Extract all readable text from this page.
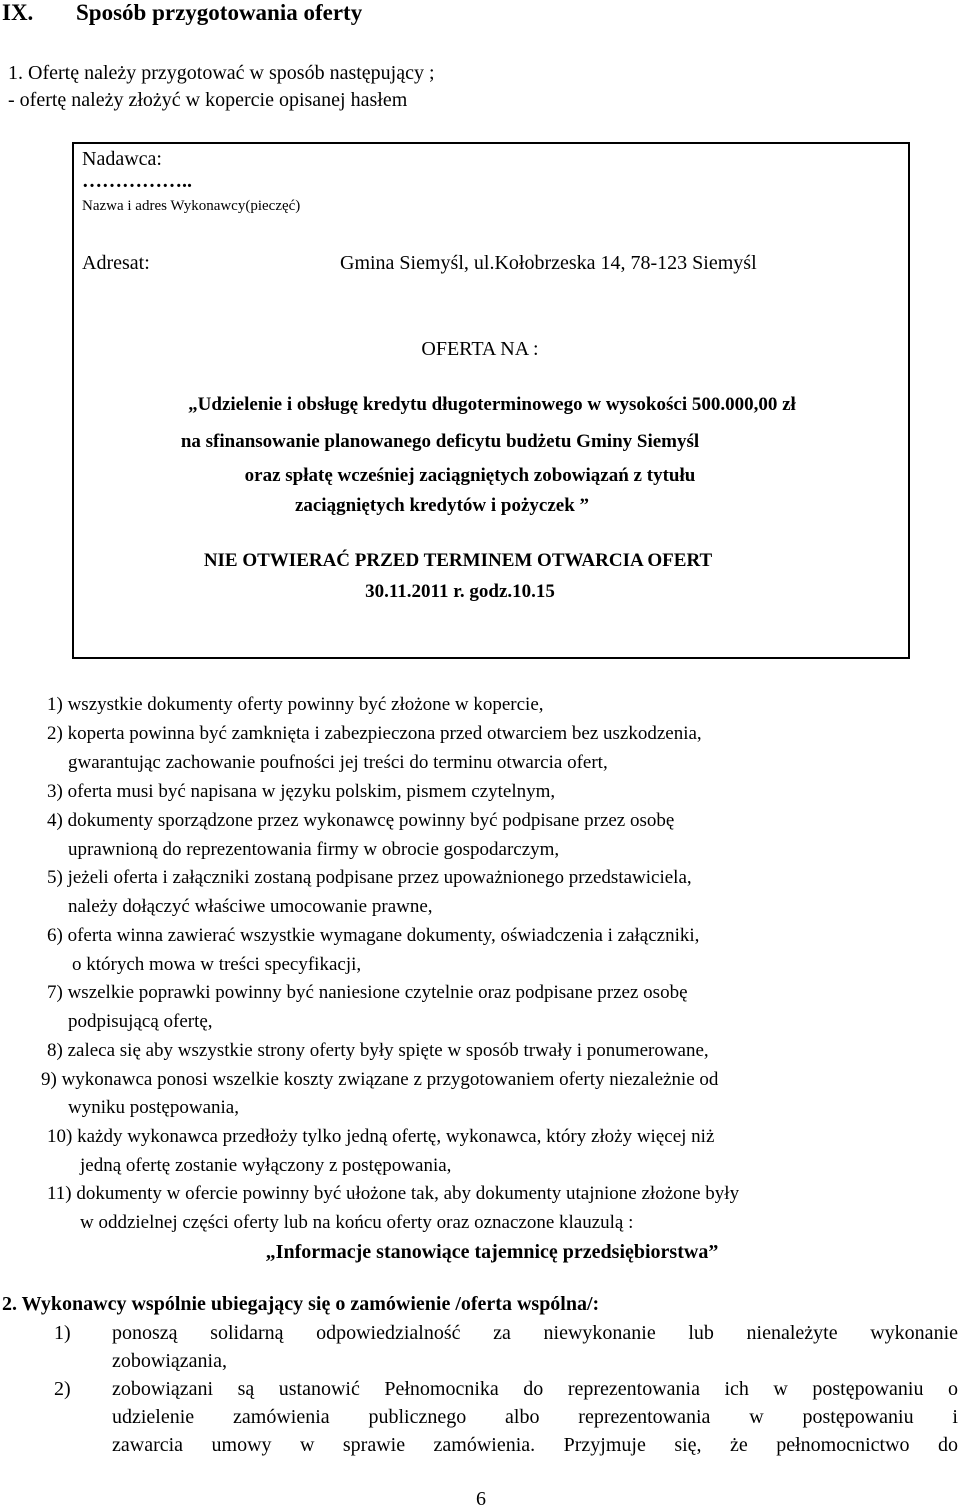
IX. Sposób przygotowania oferty
1. Ofertę należy przygotować w sposób następujący ;
- ofertę należy złożyć w kopercie opisanej hasłem
Nadawca:
……………..
Nazwa i adres Wykonawcy(pieczęć)
Adresat:	Gmina Siemyśl, ul.Kołobrzeska 14, 78-123 Siemyśl
OFERTA NA :
„Udzielenie i obsługę kredytu długoterminowego w wysokości 500.000,00 zł
na sfinansowanie planowanego deficytu budżetu Gminy Siemyśl
oraz spłatę wcześniej zaciągniętych zobowiązań z tytułu
zaciągniętych kredytów i pożyczek ”
NIE OTWIERAĆ PRZED TERMINEM OTWARCIA OFERT
30.11.2011 r. godz.10.15
1) wszystkie dokumenty oferty powinny być złożone w kopercie,
2) koperta powinna być zamknięta i zabezpieczona przed otwarciem bez uszkodzenia,
gwarantując zachowanie poufności jej treści do terminu otwarcia ofert,
3) oferta musi być napisana w języku polskim, pismem czytelnym,
4) dokumenty sporządzone przez wykonawcę powinny być podpisane przez osobę
uprawnioną do reprezentowania firmy w obrocie gospodarczym,
5) jeżeli oferta i załączniki zostaną podpisane przez upoważnionego przedstawiciela,
należy dołączyć właściwe umocowanie prawne,
6) oferta winna zawierać wszystkie wymagane dokumenty, oświadczenia i załączniki,
o których mowa w treści specyfikacji,
7) wszelkie poprawki powinny być naniesione czytelnie oraz podpisane przez osobę
podpisującą ofertę,
8) zaleca się aby wszystkie strony oferty były spięte w sposób trwały i ponumerowane,
9) wykonawca ponosi wszelkie koszty związane z przygotowaniem oferty niezależnie od
wyniku postępowania,
10) każdy wykonawca przedłoży tylko jedną ofertę, wykonawca, który złoży więcej niż
jedną ofertę zostanie wyłączony z postępowania,
11) dokumenty w ofercie powinny być ułożone tak, aby dokumenty utajnione złożone były
w oddzielnej części oferty lub na końcu oferty oraz oznaczone klauzulą :
„Informacje stanowiące tajemnicę przedsiębiorstwa”
2. Wykonawcy wspólnie ubiegający się o zamówienie /oferta wspólna/:
1) ponoszą solidarną odpowiedzialność za niewykonanie lub nienależyte wykonanie
zobowiązania,
2) zobowiązani są ustanowić Pełnomocnika do reprezentowania ich w postępowaniu o
udzielenie zamówienia publicznego albo reprezentowania w postępowaniu i
zawarcia umowy w sprawie zamówienia. Przyjmuje się, że pełnomocnictwo do
6
